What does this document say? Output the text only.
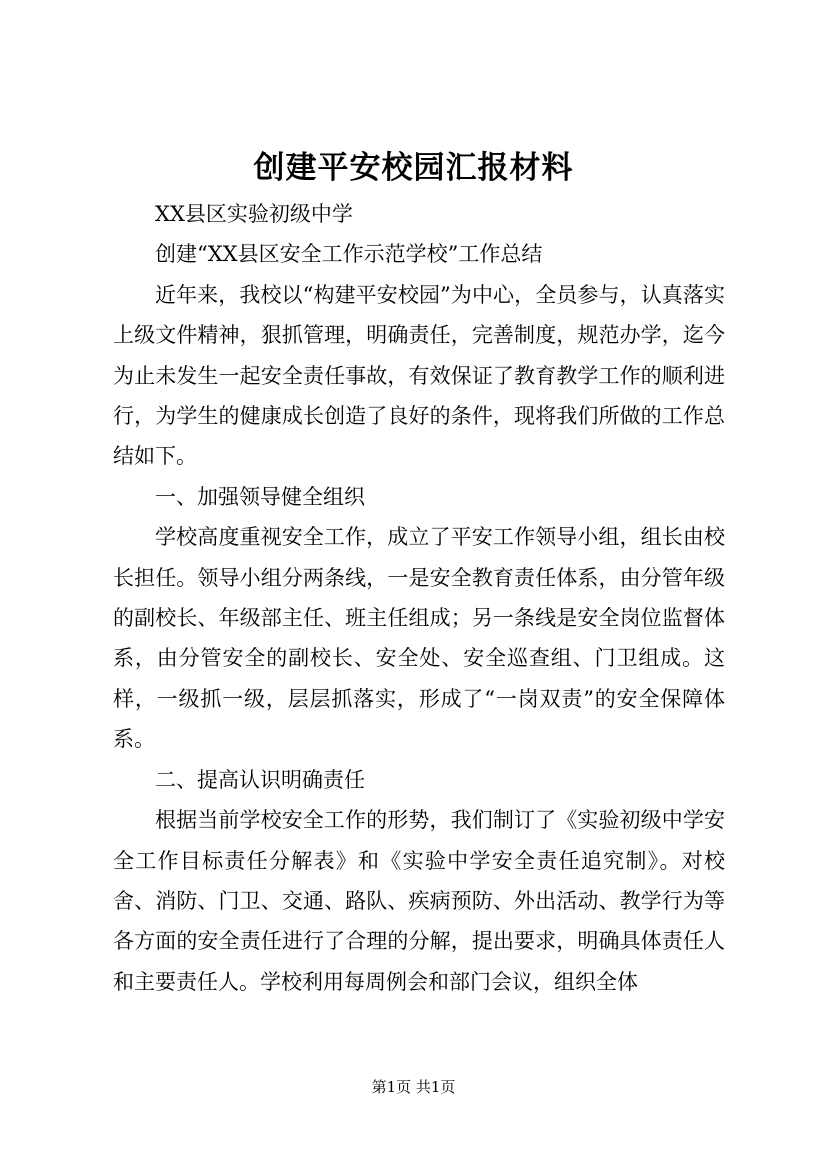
创建平安校园汇报材料

XX县区实验初级中学

创建“XX县区安全工作示范学校”工作总结

近年来，我校以“构建平安校园”为中心，全员参与，认真落实上级文件精神，狠抓管理，明确责任，完善制度，规范办学，迄今为止未发生一起安全责任事故，有效保证了教育教学工作的顺利进行，为学生的健康成长创造了良好的条件，现将我们所做的工作总结如下。

一、加强领导健全组织

学校高度重视安全工作，成立了平安工作领导小组，组长由校长担任。领导小组分两条线，一是安全教育责任体系，由分管年级的副校长、年级部主任、班主任组成；另一条线是安全岗位监督体系，由分管安全的副校长、安全处、安全巡查组、门卫组成。这样，一级抓一级，层层抓落实，形成了“一岗双责”的安全保障体系。

二、提高认识明确责任

根据当前学校安全工作的形势，我们制订了《实验初级中学安全工作目标责任分解表》和《实验中学安全责任追究制》。对校舍、消防、门卫、交通、路队、疾病预防、外出活动、教学行为等各方面的安全责任进行了合理的分解，提出要求，明确具体责任人和主要责任人。学校利用每周例会和部门会议，组织全体

第1页 共1页
